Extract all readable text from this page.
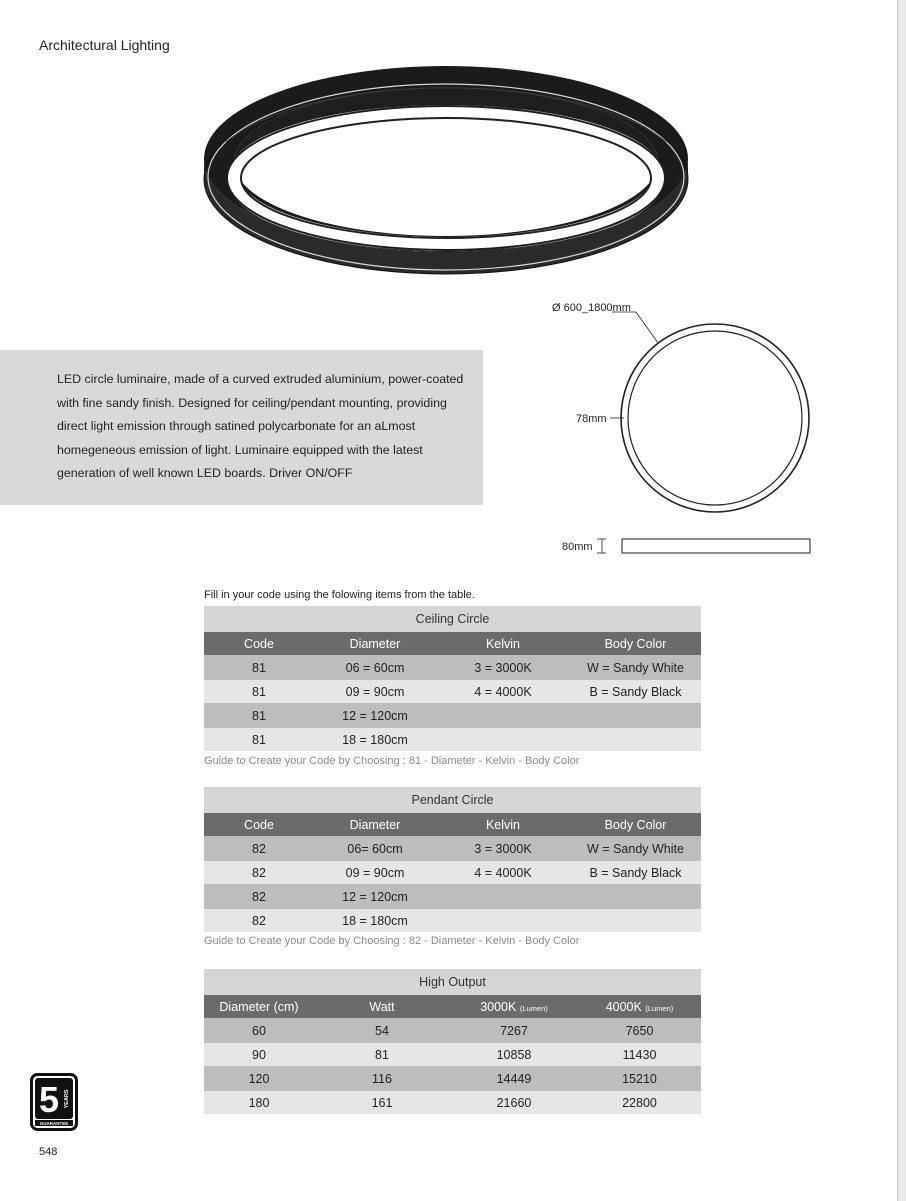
Architectural Lighting
LED circle luminaire, made of a curved extruded aluminium, power-coated with fine sandy finish. Designed for ceiling/pendant mounting, providing direct light emission through satined polycarbonate for an aLmost homegeneous emission of light. Luminaire equipped with the latest generation of well known LED boards. Driver ON/OFF
Ø 600_1800mm
78mm
80mm
Fill in your code using the folowing items from the table.
Ceiling Circle			
Code	Diameter	Kelvin	Body Color
81	06 = 60cm	3 = 3000K	W = Sandy White
81	09 = 90cm	4 = 4000K	B = Sandy Black
81	12 = 120cm		
81	18 = 180cm		
Guide to Create your Code by Choosing : 81 - Diameter - Kelvin - Body Color
Pendant Circle			
Code	Diameter	Kelvin	Body Color
82	06= 60cm	3 = 3000K	W = Sandy White
82	09 = 90cm	4 = 4000K	B = Sandy Black
82	12 = 120cm		
82	18 = 180cm		
Guide to Create your Code by Choosing : 82 - Diameter - Kelvin - Body Color
High Output			
Diameter (cm)	Watt	3000K (Lumen)	4000K (Lumen)
60	54	7267	7650
90	81	10858	11430
120	116	14449	15210
180	161	21660	22800
5 YEARS
GUARANTEE
548
